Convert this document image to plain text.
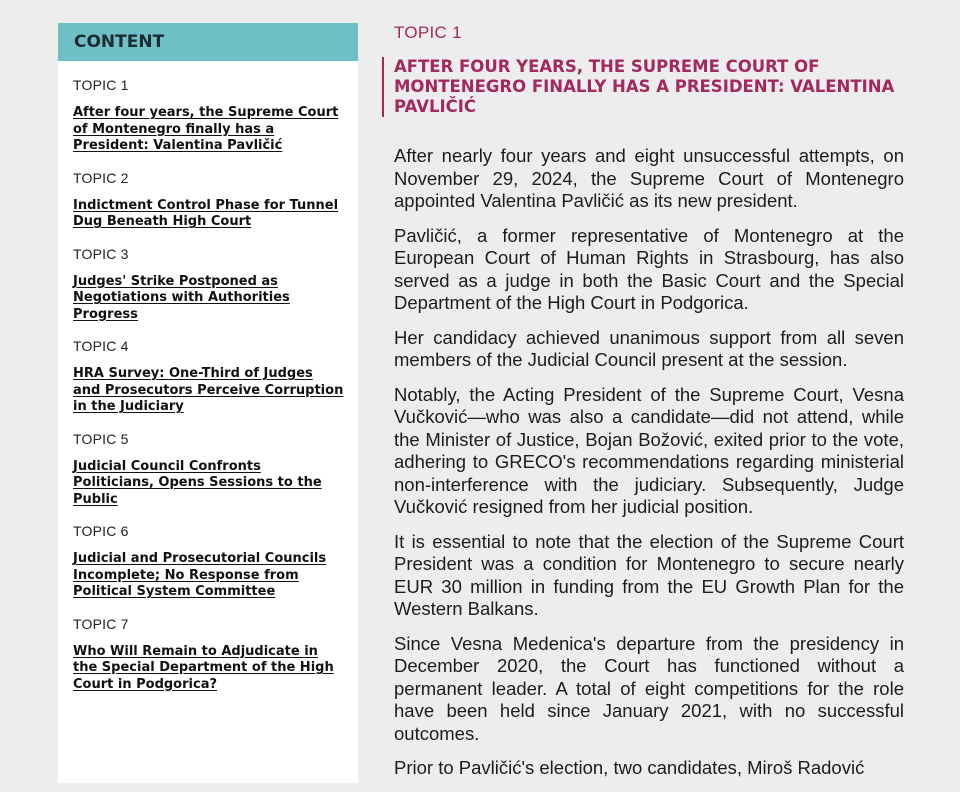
CONTENT
TOPIC 1
After four years, the Supreme Court of Montenegro finally has a President: Valentina Pavličić
TOPIC 2
Indictment Control Phase for Tunnel Dug Beneath High Court
TOPIC 3
Judges' Strike Postponed as Negotiations with Authorities Progress
TOPIC 4
HRA Survey: One-Third of Judges and Prosecutors Perceive Corruption in the Judiciary
TOPIC 5
Judicial Council Confronts Politicians, Opens Sessions to the Public
TOPIC 6
Judicial and Prosecutorial Councils Incomplete; No Response from Political System Committee
TOPIC 7
Who Will Remain to Adjudicate in the Special Department of the High Court in Podgorica?
TOPIC 1
AFTER FOUR YEARS, THE SUPREME COURT OF MONTENEGRO FINALLY HAS A PRESIDENT: VALENTINA PAVLIČIĆ

After nearly four years and eight unsuccessful attempts, on November 29, 2024, the Supreme Court of Montenegro appointed Valentina Pavličić as its new president.

Pavličić, a former representative of Montenegro at the European Court of Human Rights in Strasbourg, has also served as a judge in both the Basic Court and the Special Department of the High Court in Podgorica.

Her candidacy achieved unanimous support from all seven members of the Judicial Council present at the session.

Notably, the Acting President of the Supreme Court, Vesna Vučković—who was also a candidate—did not attend, while the Minister of Justice, Bojan Božović, exited prior to the vote, adhering to GRECO's recommendations regarding ministerial non-interference with the judiciary. Subsequently, Judge Vučković resigned from her judicial position.

It is essential to note that the election of the Supreme Court President was a condition for Montenegro to secure nearly EUR 30 million in funding from the EU Growth Plan for the Western Balkans.

Since Vesna Medenica's departure from the presidency in December 2020, the Court has functioned without a permanent leader. A total of eight competitions for the role have been held since January 2021, with no successful outcomes.

Prior to Pavličić's election, two candidates, Miroš Radović
